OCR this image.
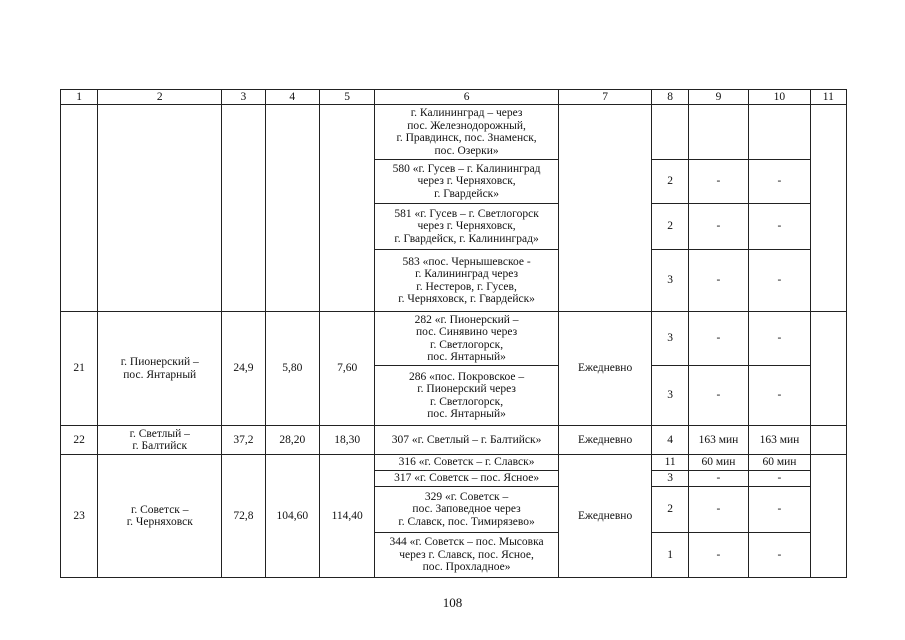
1	2	3	4	5	6	7	8	9	10	11
					г. Калининград – через
пос. Железнодорожный,
г. Правдинск, пос. Знаменск,
пос. Озерки»					
					580 «г. Гусев – г. Калининград
через г. Черняховск,
г. Гвардейск»		2	-	-	
					581 «г. Гусев – г. Светлогорск
через г. Черняховск,
г. Гвардейск, г. Калининград»		2	-	-	
					583 «пос. Чернышевское -
г. Калининград через
г. Нестеров, г. Гусев,
г. Черняховск, г. Гвардейск»		3	-	-	
21	г. Пионерский –
пос. Янтарный	24,9	5,80	7,60	282 «г. Пионерский –
пос. Синявино через
г. Светлогорск,
пос. Янтарный»	Ежедневно	3	-	-	
					286 «пос. Покровское –
г. Пионерский через
г. Светлогорск,
пос. Янтарный»		3	-	-	
22	г. Светлый –
г. Балтийск	37,2	28,20	18,30	307 «г. Светлый – г. Балтийск»	Ежедневно	4	163 мин	163 мин	
23	г. Советск –
г. Черняховск	72,8	104,60	114,40	316 «г. Советск – г. Славск»	Ежедневно	11	60 мин	60 мин	
					317 «г. Советск – пос. Ясное»		3	-	-	
					329 «г. Советск –
пос. Заповедное через
г. Славск, пос. Тимирязево»		2	-	-	
					344 «г. Советск – пос. Мысовка
через г. Славск, пос. Ясное,
пос. Прохладное»		1	-	-	
108
